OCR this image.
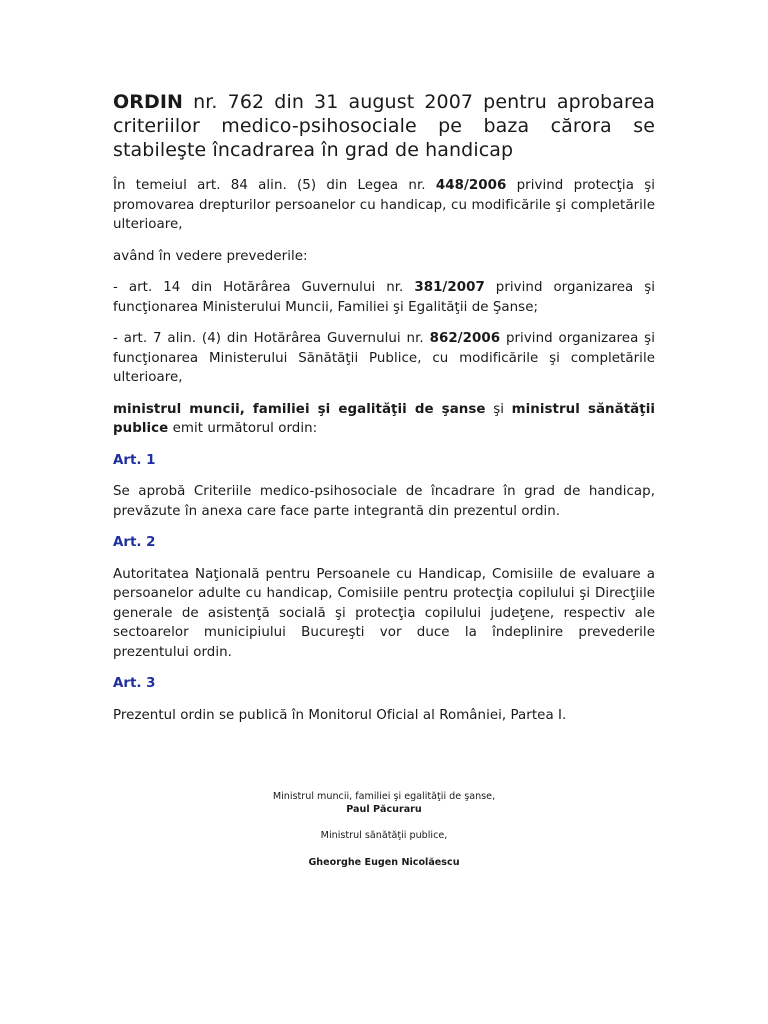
ORDIN nr. 762 din 31 august 2007 pentru aprobarea criteriilor medico-psihosociale pe baza cărora se stabileşte încadrarea în grad de handicap

În temeiul art. 84 alin. (5) din Legea nr. 448/2006 privind protecţia şi promovarea drepturilor persoanelor cu handicap, cu modificările şi completările ulterioare,

având în vedere prevederile:

- art. 14 din Hotărârea Guvernului nr. 381/2007 privind organizarea şi funcţionarea Ministerului Muncii, Familiei şi Egalităţii de Şanse;

- art. 7 alin. (4) din Hotărârea Guvernului nr. 862/2006 privind organizarea şi funcţionarea Ministerului Sănătăţii Publice, cu modificările şi completările ulterioare,

ministrul muncii, familiei şi egalităţii de şanse şi ministrul sănătăţii publice emit următorul ordin:

Art. 1

Se aprobă Criteriile medico-psihosociale de încadrare în grad de handicap, prevăzute în anexa care face parte integrantă din prezentul ordin.

Art. 2

Autoritatea Naţională pentru Persoanele cu Handicap, Comisiile de evaluare a persoanelor adulte cu handicap, Comisiile pentru protecţia copilului şi Direcţiile generale de asistenţă socială şi protecţia copilului judeţene, respectiv ale sectoarelor municipiului Bucureşti vor duce la îndeplinire prevederile prezentului ordin.

Art. 3

Prezentul ordin se publică în Monitorul Oficial al României, Partea I.

Ministrul muncii, familiei şi egalităţii de şanse,

Paul Păcuraru

Ministrul sănătăţii publice,

Gheorghe Eugen Nicolăescu
